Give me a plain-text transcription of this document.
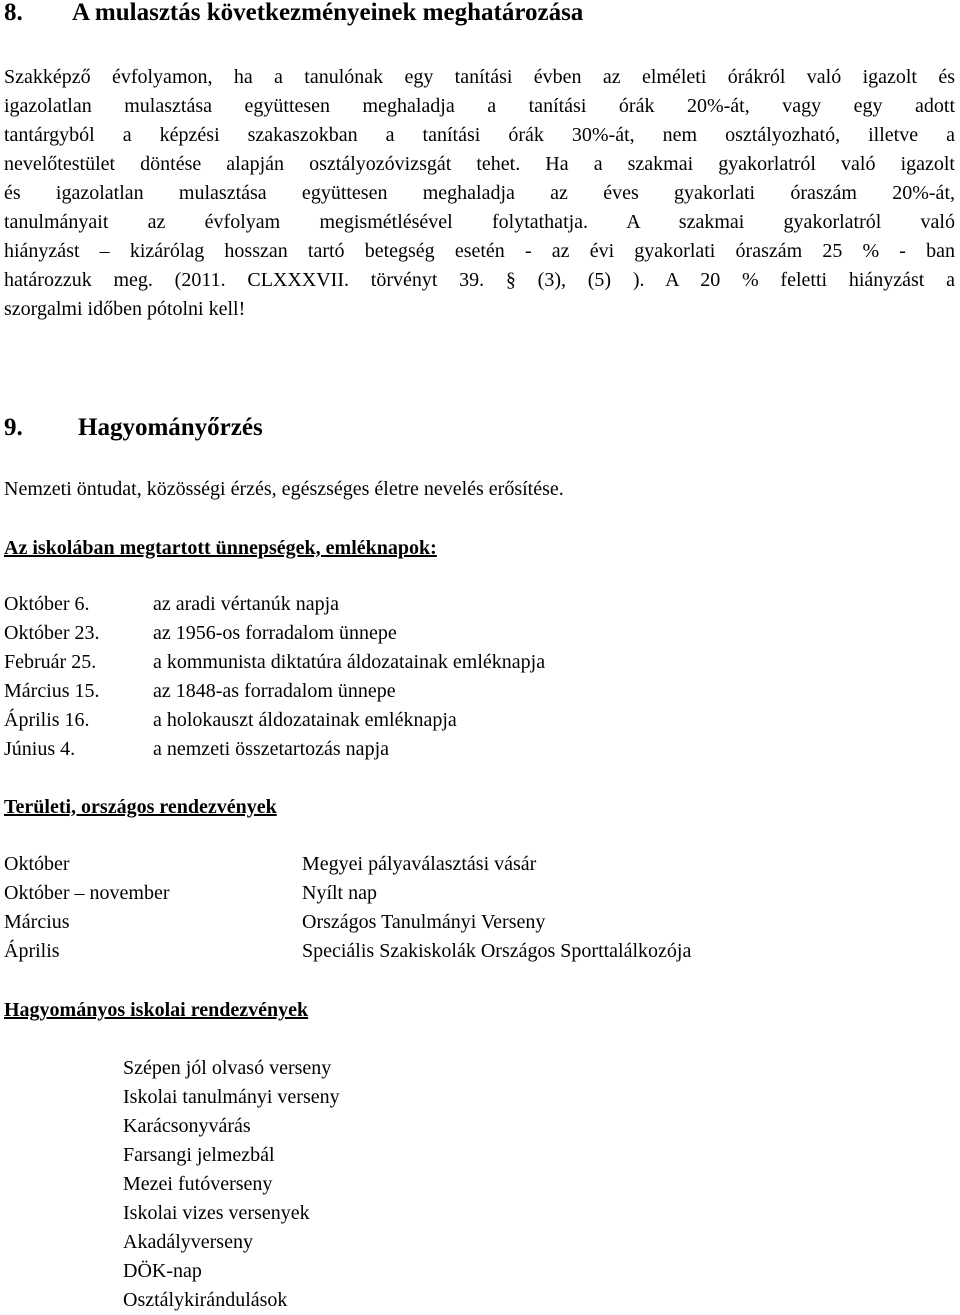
8. A mulasztás következményeinek meghatározása
Szakképző évfolyamon, ha a tanulónak egy tanítási évben az elméleti órákról való igazolt és
igazolatlan mulasztása együttesen meghaladja a tanítási órák 20%-át, vagy egy adott
tantárgyból a képzési szakaszokban a tanítási órák 30%-át, nem osztályozható, illetve a
nevelőtestület döntése alapján osztályozóvizsgát tehet. Ha a szakmai gyakorlatról való igazolt
és igazolatlan mulasztása együttesen meghaladja az éves gyakorlati óraszám 20%-át,
tanulmányait az évfolyam megismétlésével folytathatja. A szakmai gyakorlatról való
hiányzást – kizárólag hosszan tartó betegség esetén - az évi gyakorlati óraszám 25 % - ban
határozzuk meg. (2011. CLXXXVII. törvényt 39. § (3), (5) ). A 20 % feletti hiányzást a
szorgalmi időben pótolni kell!
9. Hagyományőrzés

Nemzeti öntudat, közösségi érzés, egészséges életre nevelés erősítése.

Az iskolában megtartott ünnepségek, emléknapok:

Október 6.	az aradi vértanúk napja
Október 23.	az 1956-os forradalom ünnepe
Február 25.	a kommunista diktatúra áldozatainak emléknapja
Március 15.	az 1848-as forradalom ünnepe
Április 16.	a holokauszt áldozatainak emléknapja
Június 4.	a nemzeti összetartozás napja

Területi, országos rendezvények

Október	Megyei pályaválasztási vásár
Október – november	Nyílt nap
Március	Országos Tanulmányi Verseny
Április	Speciális Szakiskolák Országos Sporttalálkozója

Hagyományos iskolai rendezvények

Szépen jól olvasó verseny
Iskolai tanulmányi verseny
Karácsonyvárás
Farsangi jelmezbál
Mezei futóverseny
Iskolai vizes versenyek
Akadályverseny
DÖK-nap
Osztálykirándulások
